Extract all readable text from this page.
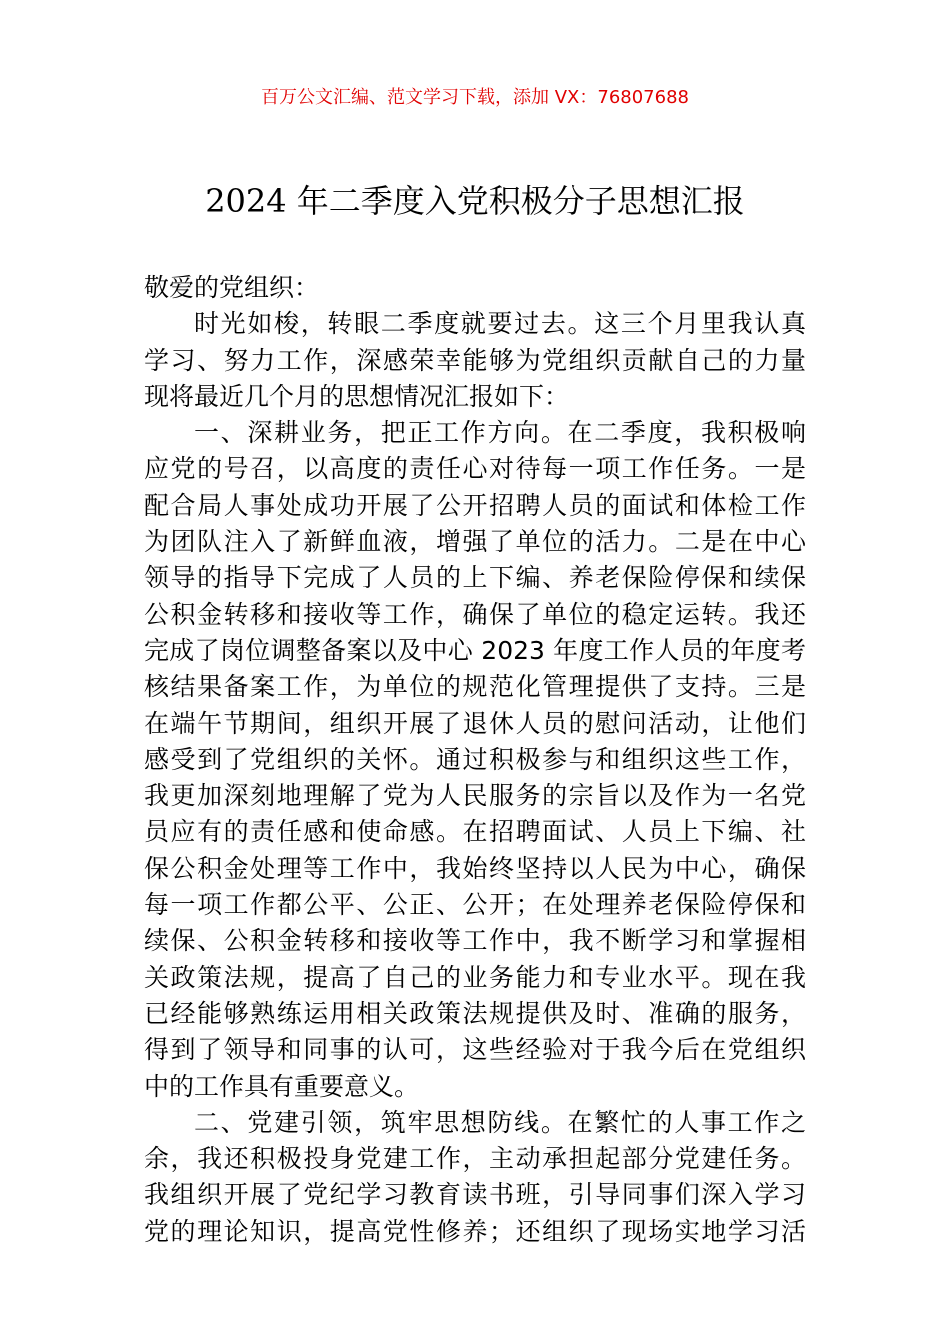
百万公文汇编、范文学习下载，添加 VX：76807688
2024 年二季度入党积极分子思想汇报
敬爱的党组织：
时光如梭，转眼二季度就要过去。这三个月里我认真
学习、努力工作，深感荣幸能够为党组织贡献自己的力量
现将最近几个月的思想情况汇报如下：
一、深耕业务，把正工作方向。在二季度，我积极响
应党的号召，以高度的责任心对待每一项工作任务。一是
配合局人事处成功开展了公开招聘人员的面试和体检工作
为团队注入了新鲜血液，增强了单位的活力。二是在中心
领导的指导下完成了人员的上下编、养老保险停保和续保
公积金转移和接收等工作，确保了单位的稳定运转。我还
完成了岗位调整备案以及中心 2023 年度工作人员的年度考
核结果备案工作，为单位的规范化管理提供了支持。三是
在端午节期间，组织开展了退休人员的慰问活动，让他们
感受到了党组织的关怀。通过积极参与和组织这些工作，
我更加深刻地理解了党为人民服务的宗旨以及作为一名党
员应有的责任感和使命感。在招聘面试、人员上下编、社
保公积金处理等工作中，我始终坚持以人民为中心，确保
每一项工作都公平、公正、公开；在处理养老保险停保和
续保、公积金转移和接收等工作中，我不断学习和掌握相
关政策法规，提高了自己的业务能力和专业水平。现在我
已经能够熟练运用相关政策法规提供及时、准确的服务，
得到了领导和同事的认可，这些经验对于我今后在党组织
中的工作具有重要意义。
二、党建引领，筑牢思想防线。在繁忙的人事工作之
余，我还积极投身党建工作，主动承担起部分党建任务。
我组织开展了党纪学习教育读书班，引导同事们深入学习
党的理论知识，提高党性修养；还组织了现场实地学习活
